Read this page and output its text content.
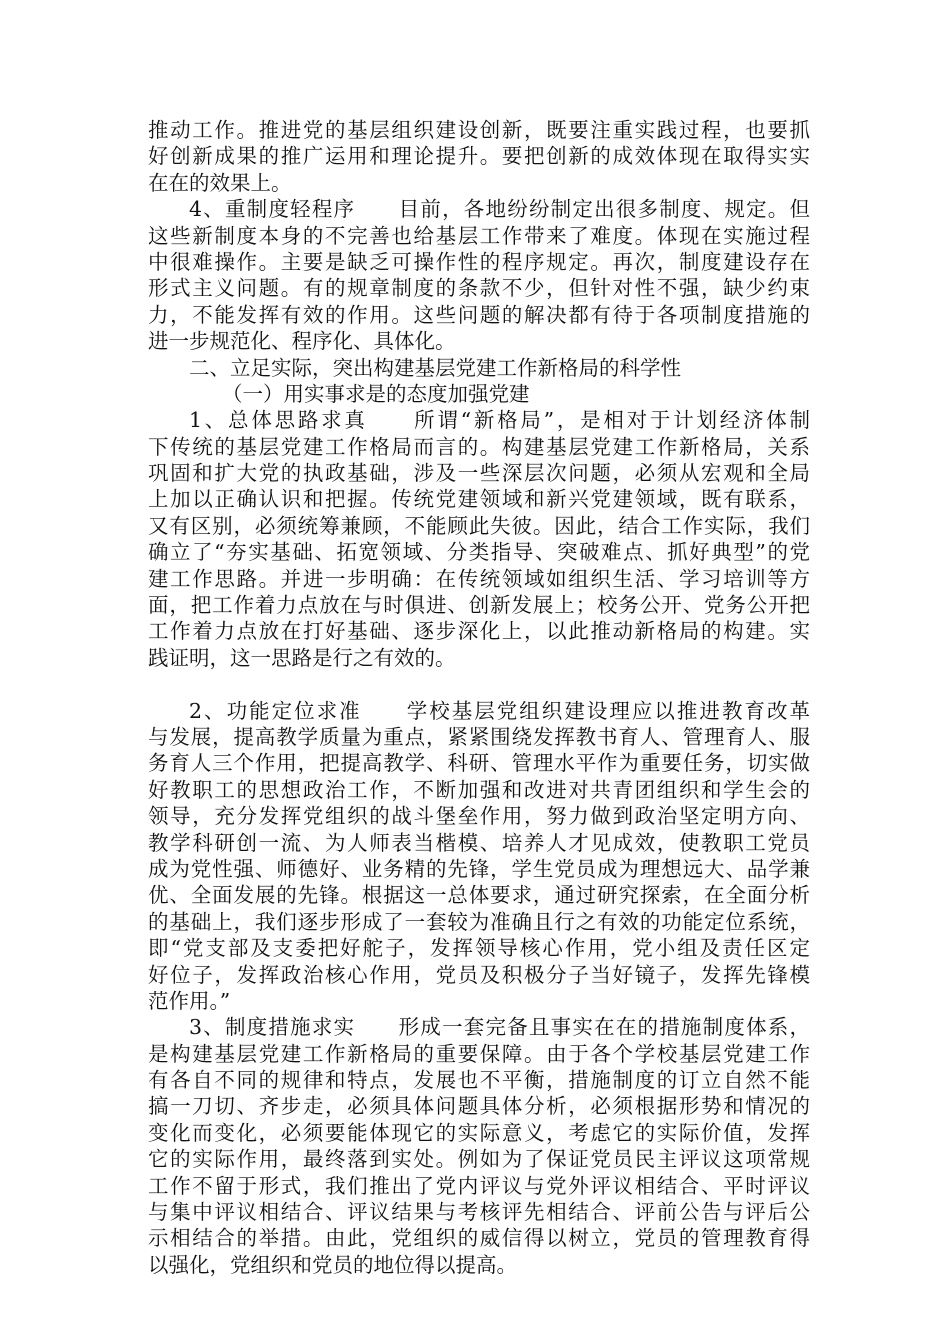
推动工作。推进党的基层组织建设创新，既要注重实践过程，也要抓
好创新成果的推广运用和理论提升。要把创新的成效体现在取得实实
在在的效果上。
4、重制度轻程序　　目前，各地纷纷制定出很多制度、规定。但
这些新制度本身的不完善也给基层工作带来了难度。体现在实施过程
中很难操作。主要是缺乏可操作性的程序规定。再次，制度建设存在
形式主义问题。有的规章制度的条款不少，但针对性不强，缺少约束
力，不能发挥有效的作用。这些问题的解决都有待于各项制度措施的
进一步规范化、程序化、具体化。
二、立足实际，突出构建基层党建工作新格局的科学性
（一）用实事求是的态度加强党建
1、总体思路求真　　所谓“新格局”，是相对于计划经济体制
下传统的基层党建工作格局而言的。构建基层党建工作新格局，关系
巩固和扩大党的执政基础，涉及一些深层次问题，必须从宏观和全局
上加以正确认识和把握。传统党建领域和新兴党建领域，既有联系，
又有区别，必须统筹兼顾，不能顾此失彼。因此，结合工作实际，我们
确立了“夯实基础、拓宽领域、分类指导、突破难点、抓好典型”的党
建工作思路。并进一步明确：在传统领域如组织生活、学习培训等方
面，把工作着力点放在与时俱进、创新发展上；校务公开、党务公开把
工作着力点放在打好基础、逐步深化上，以此推动新格局的构建。实
践证明，这一思路是行之有效的。
2、功能定位求准　　学校基层党组织建设理应以推进教育改革
与发展，提高教学质量为重点，紧紧围绕发挥教书育人、管理育人、服
务育人三个作用，把提高教学、科研、管理水平作为重要任务，切实做
好教职工的思想政治工作，不断加强和改进对共青团组织和学生会的
领导，充分发挥党组织的战斗堡垒作用，努力做到政治坚定明方向、
教学科研创一流、为人师表当楷模、培养人才见成效，使教职工党员
成为党性强、师德好、业务精的先锋，学生党员成为理想远大、品学兼
优、全面发展的先锋。根据这一总体要求，通过研究探索，在全面分析
的基础上，我们逐步形成了一套较为准确且行之有效的功能定位系统，
即“党支部及支委把好舵子，发挥领导核心作用，党小组及责任区定
好位子，发挥政治核心作用，党员及积极分子当好镜子，发挥先锋模
范作用。”
3、制度措施求实　　形成一套完备且事实在在的措施制度体系，
是构建基层党建工作新格局的重要保障。由于各个学校基层党建工作
有各自不同的规律和特点，发展也不平衡，措施制度的订立自然不能
搞一刀切、齐步走，必须具体问题具体分析，必须根据形势和情况的
变化而变化，必须要能体现它的实际意义，考虑它的实际价值，发挥
它的实际作用，最终落到实处。例如为了保证党员民主评议这项常规
工作不留于形式，我们推出了党内评议与党外评议相结合、平时评议
与集中评议相结合、评议结果与考核评先相结合、评前公告与评后公
示相结合的举措。由此，党组织的威信得以树立，党员的管理教育得
以强化，党组织和党员的地位得以提高。
